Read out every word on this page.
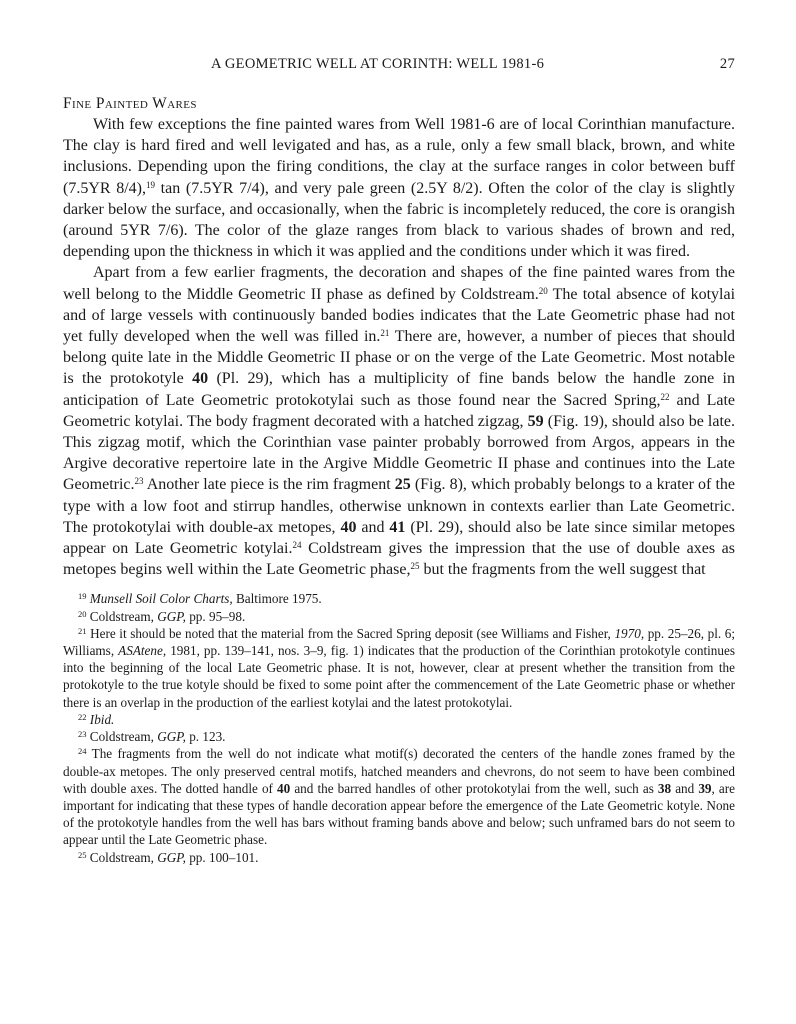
A GEOMETRIC WELL AT CORINTH: WELL 1981-6	27
Fine Painted Wares

With few exceptions the fine painted wares from Well 1981-6 are of local Corinthian manufacture. The clay is hard fired and well levigated and has, as a rule, only a few small black, brown, and white inclusions. Depending upon the firing conditions, the clay at the surface ranges in color between buff (7.5YR 8/4),$^{19}$ tan (7.5YR 7/4), and very pale green (2.5Y 8/2). Often the color of the clay is slightly darker below the surface, and occasionally, when the fabric is incompletely reduced, the core is orangish (around 5YR 7/6). The color of the glaze ranges from black to various shades of brown and red, depending upon the thickness in which it was applied and the conditions under which it was fired.

Apart from a few earlier fragments, the decoration and shapes of the fine painted wares from the well belong to the Middle Geometric II phase as defined by Coldstream.$^{20}$ The total absence of kotylai and of large vessels with continuously banded bodies indicates that the Late Geometric phase had not yet fully developed when the well was filled in.$^{21}$ There are, however, a number of pieces that should belong quite late in the Middle Geometric II phase or on the verge of the Late Geometric. Most notable is the protokotyle 40 (Pl. 29), which has a multiplicity of fine bands below the handle zone in anticipation of Late Geometric protokotylai such as those found near the Sacred Spring,$^{22}$ and Late Geometric kotylai. The body fragment decorated with a hatched zigzag, 59 (Fig. 19), should also be late. This zigzag motif, which the Corinthian vase painter probably borrowed from Argos, appears in the Argive decorative repertoire late in the Argive Middle Geometric II phase and continues into the Late Geometric.$^{23}$ Another late piece is the rim fragment 25 (Fig. 8), which probably belongs to a krater of the type with a low foot and stirrup handles, otherwise unknown in contexts earlier than Late Geometric. The protokotylai with double-ax metopes, 40 and 41 (Pl. 29), should also be late since similar metopes appear on Late Geometric kotylai.$^{24}$ Coldstream gives the impression that the use of double axes as metopes begins well within the Late Geometric phase,$^{25}$ but the fragments from the well suggest that

$^{19}$ Munsell Soil Color Charts, Baltimore 1975.

$^{20}$ Coldstream, GGP, pp. 95–98.

$^{21}$ Here it should be noted that the material from the Sacred Spring deposit (see Williams and Fisher, 1970, pp. 25–26, pl. 6; Williams, ASAtene, 1981, pp. 139–141, nos. 3–9, fig. 1) indicates that the production of the Corinthian protokotyle continues into the beginning of the local Late Geometric phase. It is not, however, clear at present whether the transition from the protokotyle to the true kotyle should be fixed to some point after the commencement of the Late Geometric phase or whether there is an overlap in the production of the earliest kotylai and the latest protokotylai.

$^{22}$ Ibid.

$^{23}$ Coldstream, GGP, p. 123.

$^{24}$ The fragments from the well do not indicate what motif(s) decorated the centers of the handle zones framed by the double-ax metopes. The only preserved central motifs, hatched meanders and chevrons, do not seem to have been combined with double axes. The dotted handle of 40 and the barred handles of other protokotylai from the well, such as 38 and 39, are important for indicating that these types of handle decoration appear before the emergence of the Late Geometric kotyle. None of the protokotyle handles from the well has bars without framing bands above and below; such unframed bars do not seem to appear until the Late Geometric phase.

$^{25}$ Coldstream, GGP, pp. 100–101.
